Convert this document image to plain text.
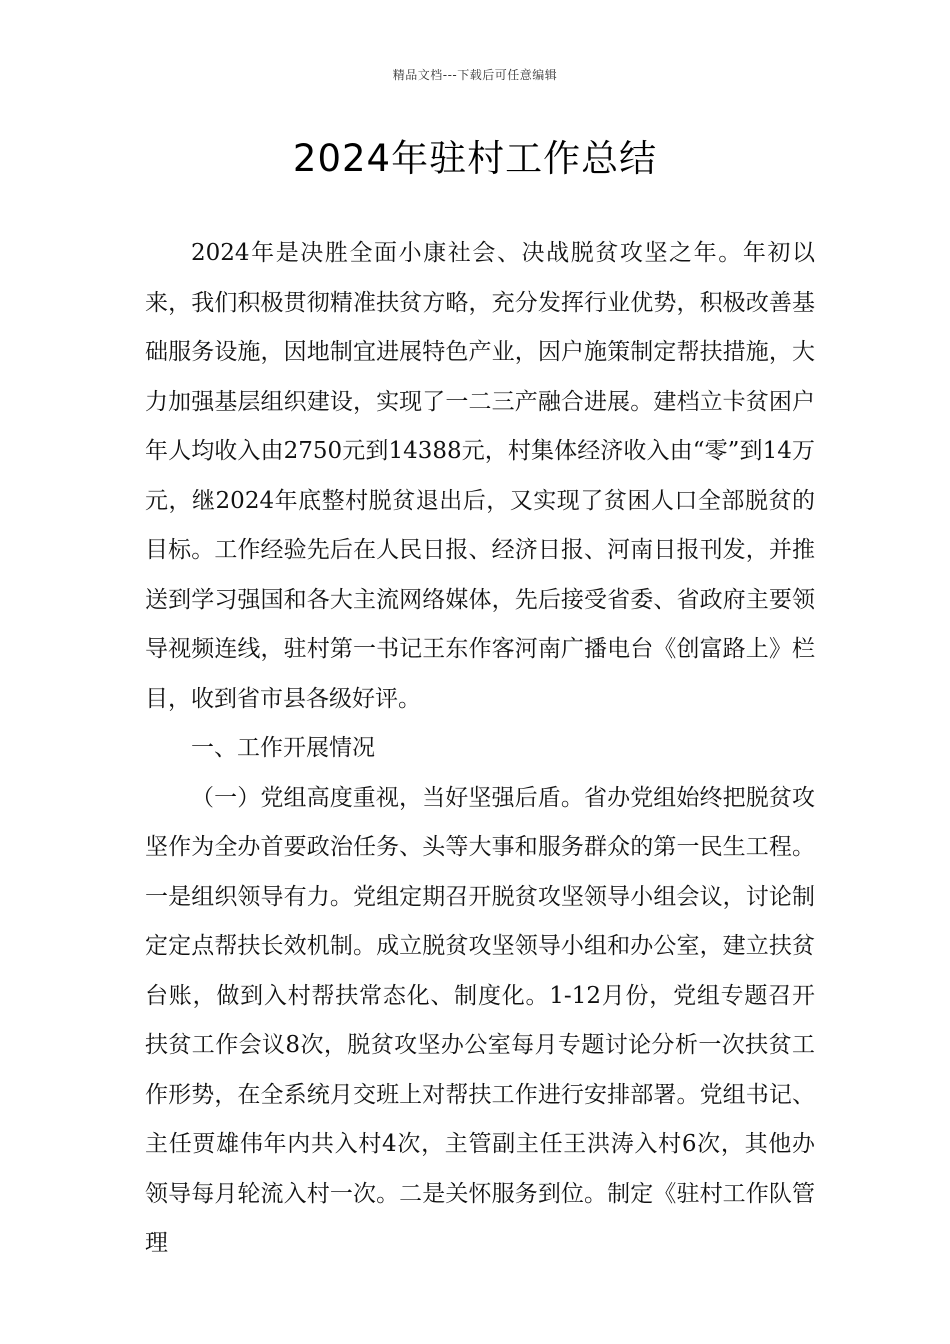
精品文档---下载后可任意编辑
2024年驻村工作总结

2024年是决胜全面小康社会、决战脱贫攻坚之年。年初以来，我们积极贯彻精准扶贫方略，充分发挥行业优势，积极改善基础服务设施，因地制宜进展特色产业，因户施策制定帮扶措施，大力加强基层组织建设，实现了一二三产融合进展。建档立卡贫困户年人均收入由2750元到14388元，村集体经济收入由“零”到14万元，继2024年底整村脱贫退出后，又实现了贫困人口全部脱贫的目标。工作经验先后在人民日报、经济日报、河南日报刊发，并推送到学习强国和各大主流网络媒体，先后接受省委、省政府主要领导视频连线，驻村第一书记王东作客河南广播电台《创富路上》栏目，收到省市县各级好评。

一、工作开展情况

（一）党组高度重视，当好坚强后盾。省办党组始终把脱贫攻坚作为全办首要政治任务、头等大事和服务群众的第一民生工程。一是组织领导有力。党组定期召开脱贫攻坚领导小组会议，讨论制定定点帮扶长效机制。成立脱贫攻坚领导小组和办公室，建立扶贫台账，做到入村帮扶常态化、制度化。1-12月份，党组专题召开扶贫工作会议8次，脱贫攻坚办公室每月专题讨论分析一次扶贫工作形势，在全系统月交班上对帮扶工作进行安排部署。党组书记、主任贾雄伟年内共入村4次，主管副主任王洪涛入村6次，其他办领导每月轮流入村一次。二是关怀服务到位。制定《驻村工作队管理
